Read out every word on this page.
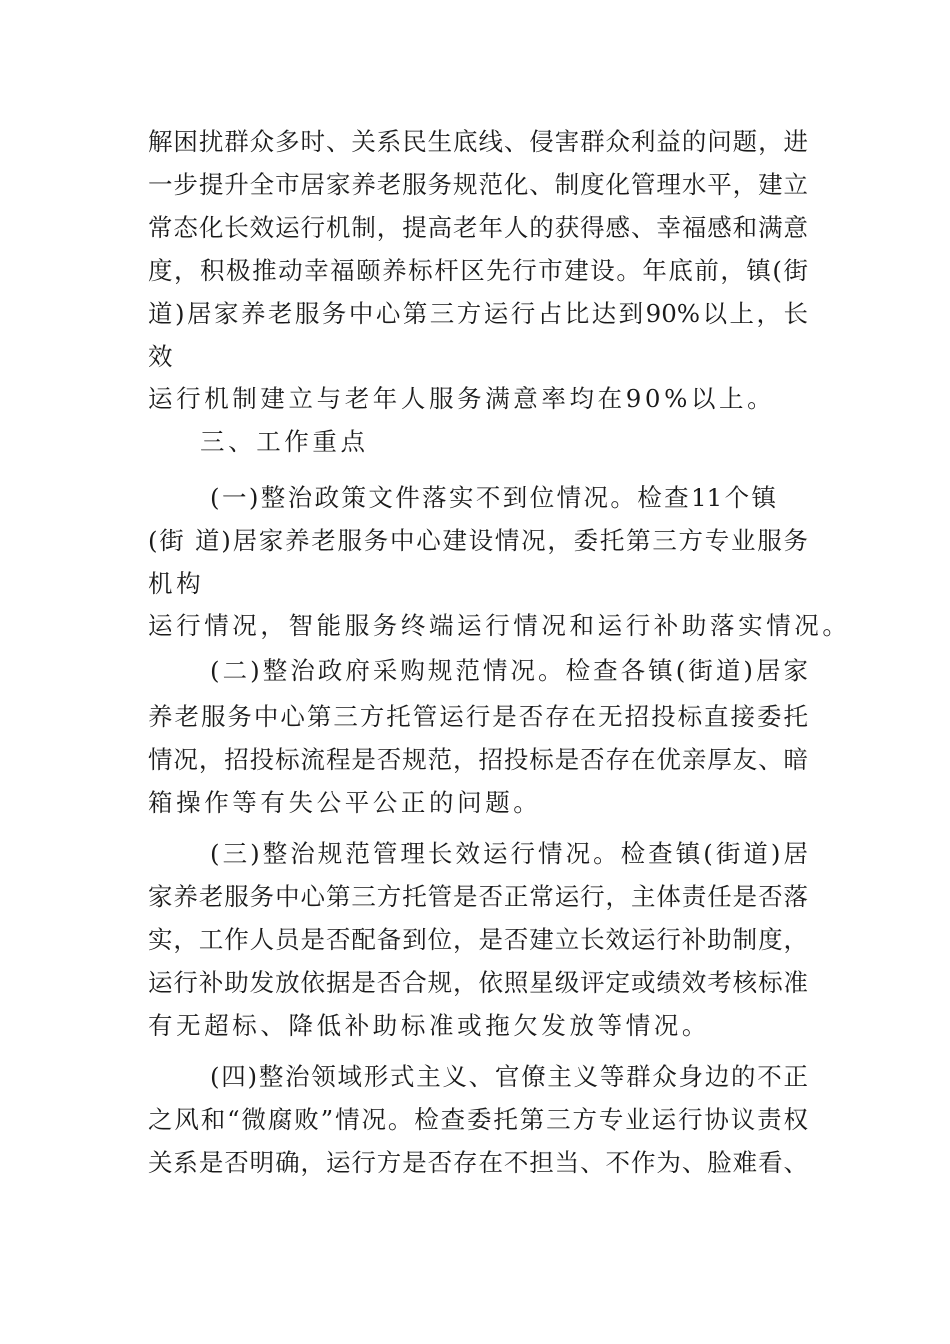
解困扰群众多时、关系民生底线、侵害群众利益的问题，进
一步提升全市居家养老服务规范化、制度化管理水平，建立
常态化长效运行机制，提高老年人的获得感、幸福感和满意
度，积极推动幸福颐养标杆区先行市建设。年底前，镇(街
道)居家养老服务中心第三方运行占比达到90%以上，长
效
运行机制建立与老年人服务满意率均在90%以上。
三、工作重点
(一)整治政策文件落实不到位情况。检查11个镇
(街 道)居家养老服务中心建设情况，委托第三方专业服务
机构
运行情况，智能服务终端运行情况和运行补助落实情况。
(二)整治政府采购规范情况。检查各镇(街道)居家
养老服务中心第三方托管运行是否存在无招投标直接委托
情况，招投标流程是否规范，招投标是否存在优亲厚友、暗
箱操作等有失公平公正的问题。
(三)整治规范管理长效运行情况。检查镇(街道)居
家养老服务中心第三方托管是否正常运行，主体责任是否落
实，工作人员是否配备到位，是否建立长效运行补助制度，
运行补助发放依据是否合规，依照星级评定或绩效考核标准
有无超标、降低补助标准或拖欠发放等情况。
(四)整治领域形式主义、官僚主义等群众身边的不正
之风和“微腐败”情况。检查委托第三方专业运行协议责权
关系是否明确，运行方是否存在不担当、不作为、脸难看、
